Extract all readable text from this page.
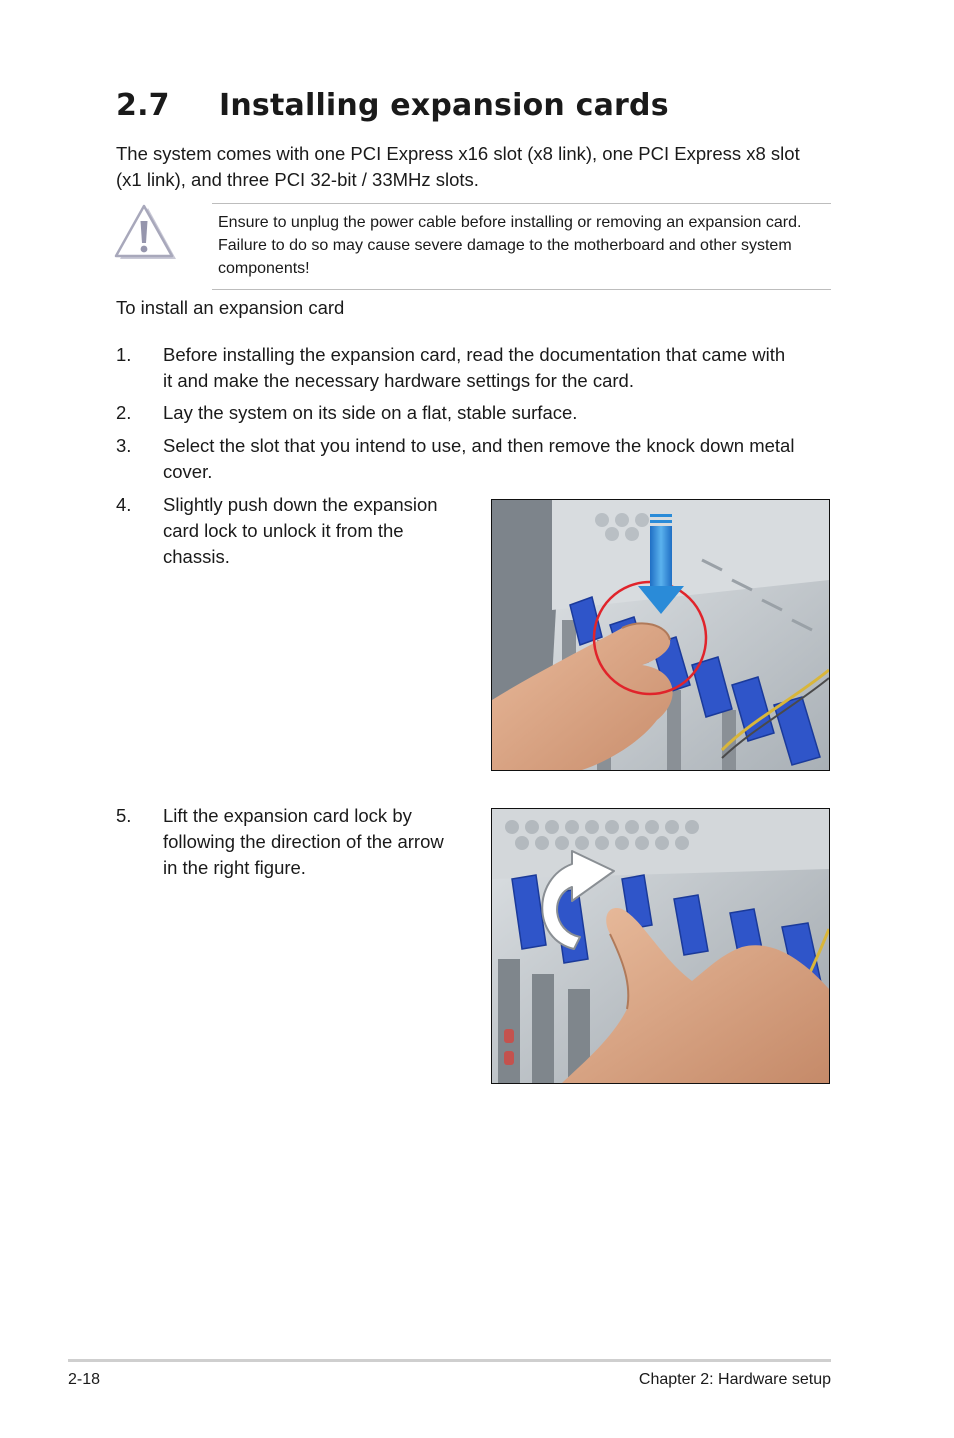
2.7 Installing expansion cards
The system comes with one PCI Express x16 slot (x8 link), one PCI Express x8 slot (x1 link), and three PCI 32-bit / 33MHz slots.
Ensure to unplug the power cable before installing or removing an expansion card. Failure to do so may cause severe damage to the motherboard and other system components!
To install an expansion card
1.	Before installing the expansion card, read the documentation that came with
it and make the necessary hardware settings for the card.
2.	Lay the system on its side on a flat, stable surface.
3.	Select the slot that you intend to use, and then remove the knock down metal
cover.
4.	Slightly push down the expansion
card lock to unlock it from the
chassis.
5.	Lift the expansion card lock by
following the direction of the arrow
in the right figure.
2-18	Chapter 2: Hardware setup
